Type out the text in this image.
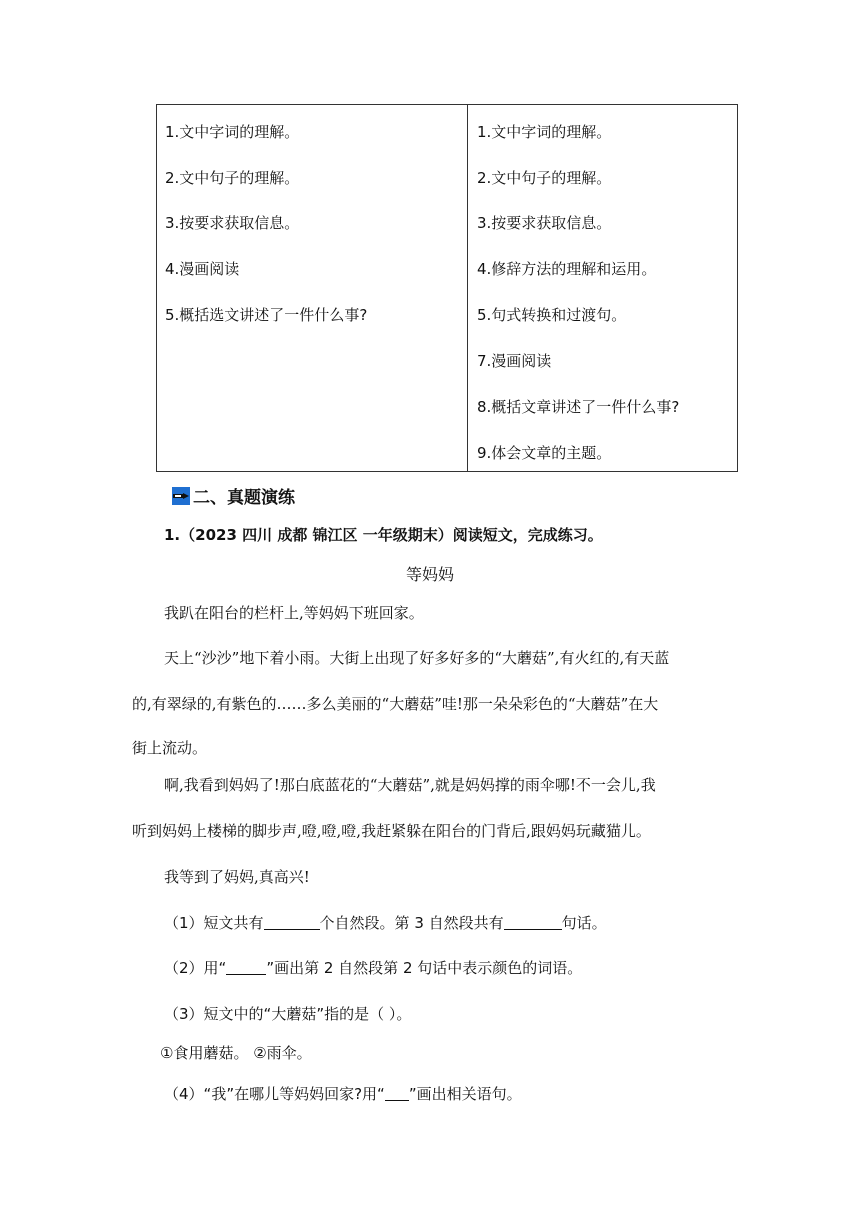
1.文中字词的理解。
2.文中句子的理解。
3.按要求获取信息。
4.漫画阅读
5.概括选文讲述了一件什么事?
1.文中字词的理解。
2.文中句子的理解。
3.按要求获取信息。
4.修辞方法的理解和运用。
5.句式转换和过渡句。
7.漫画阅读
8.概括文章讲述了一件什么事?
9.体会文章的主题。
二、真题演练
1.（2023 四川 成都 锦江区 一年级期末）阅读短文，完成练习。
等妈妈
我趴在阳台的栏杆上,等妈妈下班回家。
天上“沙沙”地下着小雨。大街上出现了好多好多的“大蘑菇”,有火红的,有天蓝
的,有翠绿的,有紫色的……多么美丽的“大蘑菇”哇!那一朵朵彩色的“大蘑菇”在大
街上流动。
啊,我看到妈妈了!那白底蓝花的“大蘑菇”,就是妈妈撑的雨伞哪!不一会儿,我
听到妈妈上楼梯的脚步声,噔,噔,噔,我赶紧躲在阳台的门背后,跟妈妈玩藏猫儿。
我等到了妈妈,真高兴!
（1）短文共有	个自然段。第 3 自然段共有	句话。
（2）用“	”画出第 2 自然段第 2 句话中表示颜色的词语。
（3）短文中的“大蘑菇”指的是（ ）。
①食用蘑菇。 ②雨伞。
（4）“我”在哪儿等妈妈回家?用“ ”画出相关语句。
